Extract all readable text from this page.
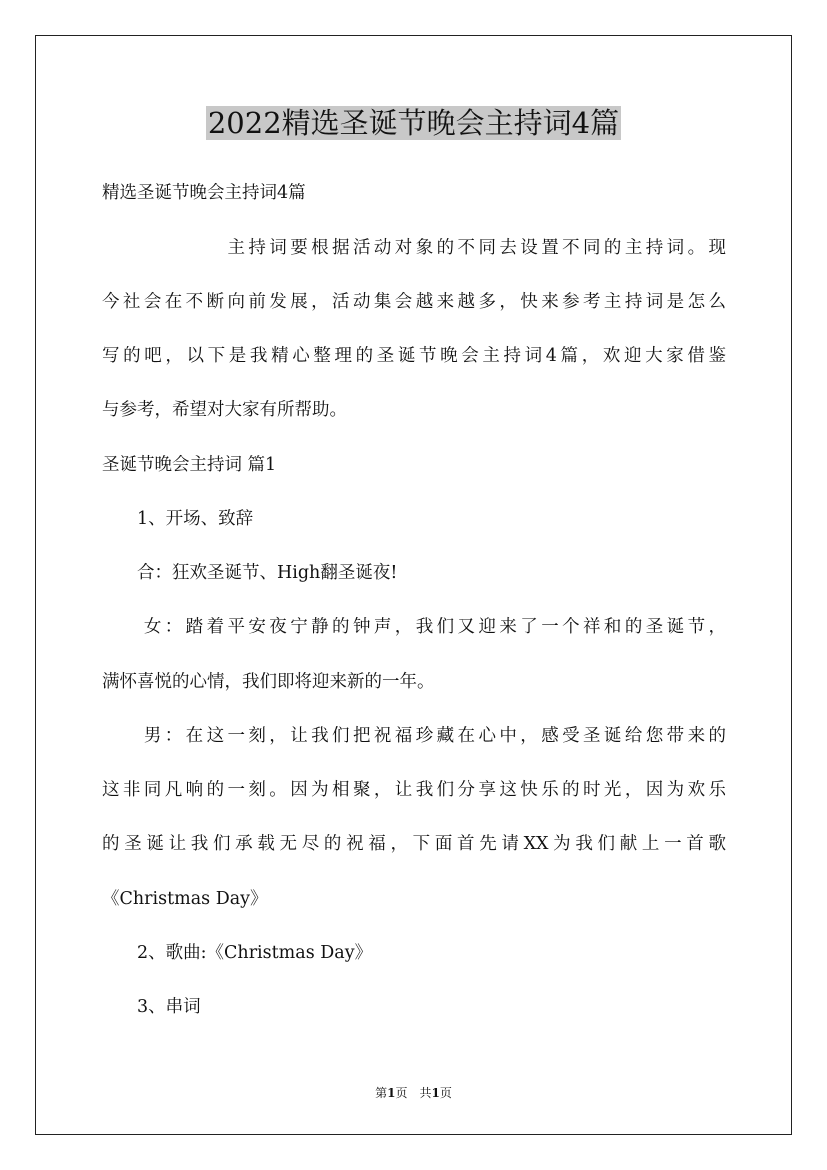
2022精选圣诞节晚会主持词4篇

精选圣诞节晚会主持词4篇

　　　　　　主持词要根据活动对象的不同去设置不同的主持词。现

今社会在不断向前发展，活动集会越来越多，快来参考主持词是怎么

写的吧，以下是我精心整理的圣诞节晚会主持词4篇，欢迎大家借鉴

与参考，希望对大家有所帮助。

圣诞节晚会主持词 篇1

　　1、开场、致辞

　　合：狂欢圣诞节、High翻圣诞夜!

　　女：踏着平安夜宁静的钟声，我们又迎来了一个祥和的圣诞节，

满怀喜悦的心情，我们即将迎来新的一年。

　　男：在这一刻，让我们把祝福珍藏在心中，感受圣诞给您带来的

这非同凡响的一刻。因为相聚，让我们分享这快乐的时光，因为欢乐

的圣诞让我们承载无尽的祝福，下面首先请XX为我们献上一首歌

《Christmas Day》

　　2、歌曲:《Christmas Day》

　　3、串词

第1页　共1页
